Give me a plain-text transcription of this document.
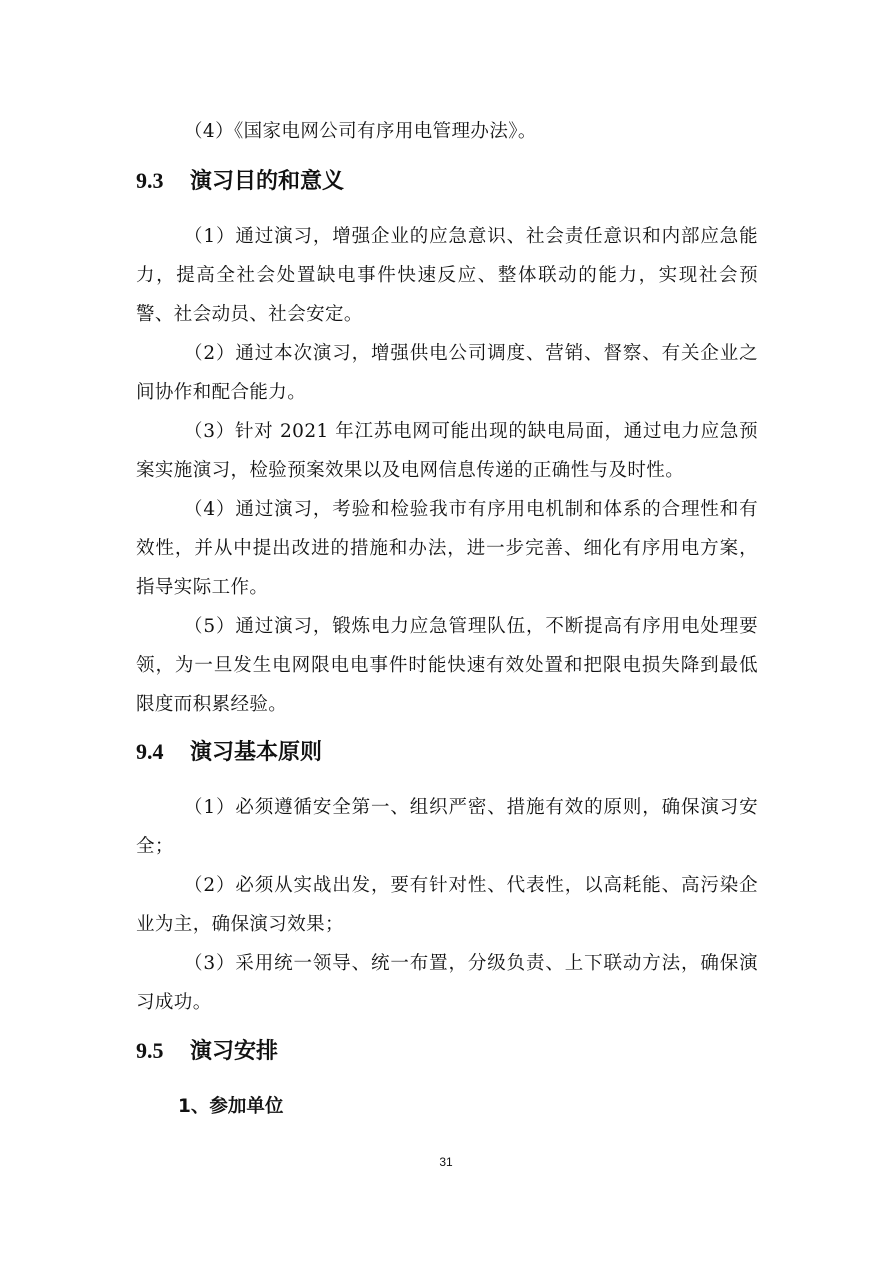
（4）《国家电网公司有序用电管理办法》。

9.3 演习目的和意义

（1）通过演习，增强企业的应急意识、社会责任意识和内部应急能力，提高全社会处置缺电事件快速反应、整体联动的能力，实现社会预警、社会动员、社会安定。

（2）通过本次演习，增强供电公司调度、营销、督察、有关企业之间协作和配合能力。

（3）针对 2021 年江苏电网可能出现的缺电局面，通过电力应急预案实施演习，检验预案效果以及电网信息传递的正确性与及时性。

（4）通过演习，考验和检验我市有序用电机制和体系的合理性和有效性，并从中提出改进的措施和办法，进一步完善、细化有序用电方案，指导实际工作。

（5）通过演习，锻炼电力应急管理队伍，不断提高有序用电处理要领，为一旦发生电网限电电事件时能快速有效处置和把限电损失降到最低限度而积累经验。

9.4 演习基本原则

（1）必须遵循安全第一、组织严密、措施有效的原则，确保演习安全；

（2）必须从实战出发，要有针对性、代表性，以高耗能、高污染企业为主，确保演习效果；

（3）采用统一领导、统一布置，分级负责、上下联动方法，确保演习成功。

9.5 演习安排
1、参加单位
31
